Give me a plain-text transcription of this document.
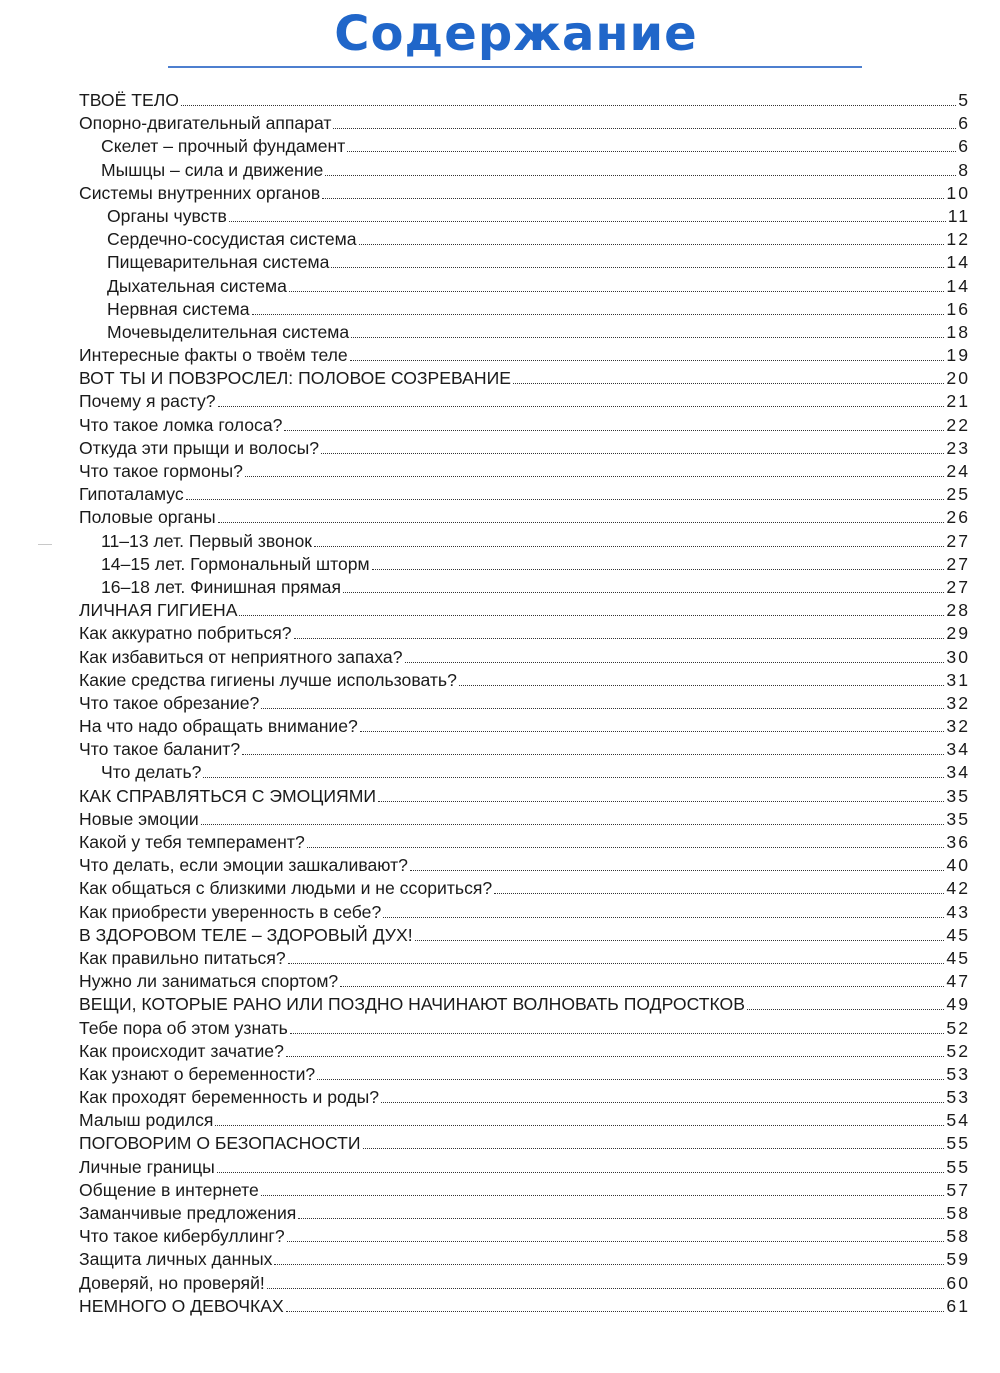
Содержание
ТВОЁ ТЕЛО	5
Опорно-двигательный аппарат	6
Скелет – прочный фундамент	6
Мышцы – сила и движение	8
Системы внутренних органов	10
Органы чувств	11
Сердечно-сосудистая система	12
Пищеварительная система	14
Дыхательная система	14
Нервная система	16
Мочевыделительная система	18
Интересные факты о твоём теле	19
ВОТ ТЫ И ПОВЗРОСЛЕЛ: ПОЛОВОЕ СОЗРЕВАНИЕ	20
Почему я расту?	21
Что такое ломка голоса?	22
Откуда эти прыщи и волосы?	23
Что такое гормоны?	24
Гипоталамус	25
Половые органы	26
11–13 лет. Первый звонок	27
14–15 лет. Гормональный шторм	27
16–18 лет. Финишная прямая	27
ЛИЧНАЯ ГИГИЕНА	28
Как аккуратно побриться?	29
Как избавиться от неприятного запаха?	30
Какие средства гигиены лучше использовать?	31
Что такое обрезание?	32
На что надо обращать внимание?	32
Что такое баланит?	34
Что делать?	34
КАК СПРАВЛЯТЬСЯ С ЭМОЦИЯМИ	35
Новые эмоции	35
Какой у тебя темперамент?	36
Что делать, если эмоции зашкаливают?	40
Как общаться с близкими людьми и не ссориться?	42
Как приобрести уверенность в себе?	43
В ЗДОРОВОМ ТЕЛЕ – ЗДОРОВЫЙ ДУХ!	45
Как правильно питаться?	45
Нужно ли заниматься спортом?	47
ВЕЩИ, КОТОРЫЕ РАНО ИЛИ ПОЗДНО НАЧИНАЮТ ВОЛНОВАТЬ ПОДРОСТКОВ	49
Тебе пора об этом узнать	52
Как происходит зачатие?	52
Как узнают о беременности?	53
Как проходят беременность и роды?	53
Малыш родился	54
ПОГОВОРИМ О БЕЗОПАСНОСТИ	55
Личные границы	55
Общение в интернете	57
Заманчивые предложения	58
Что такое кибербуллинг?	58
Защита личных данных	59
Доверяй, но проверяй!	60
НЕМНОГО О ДЕВОЧКАХ	61
